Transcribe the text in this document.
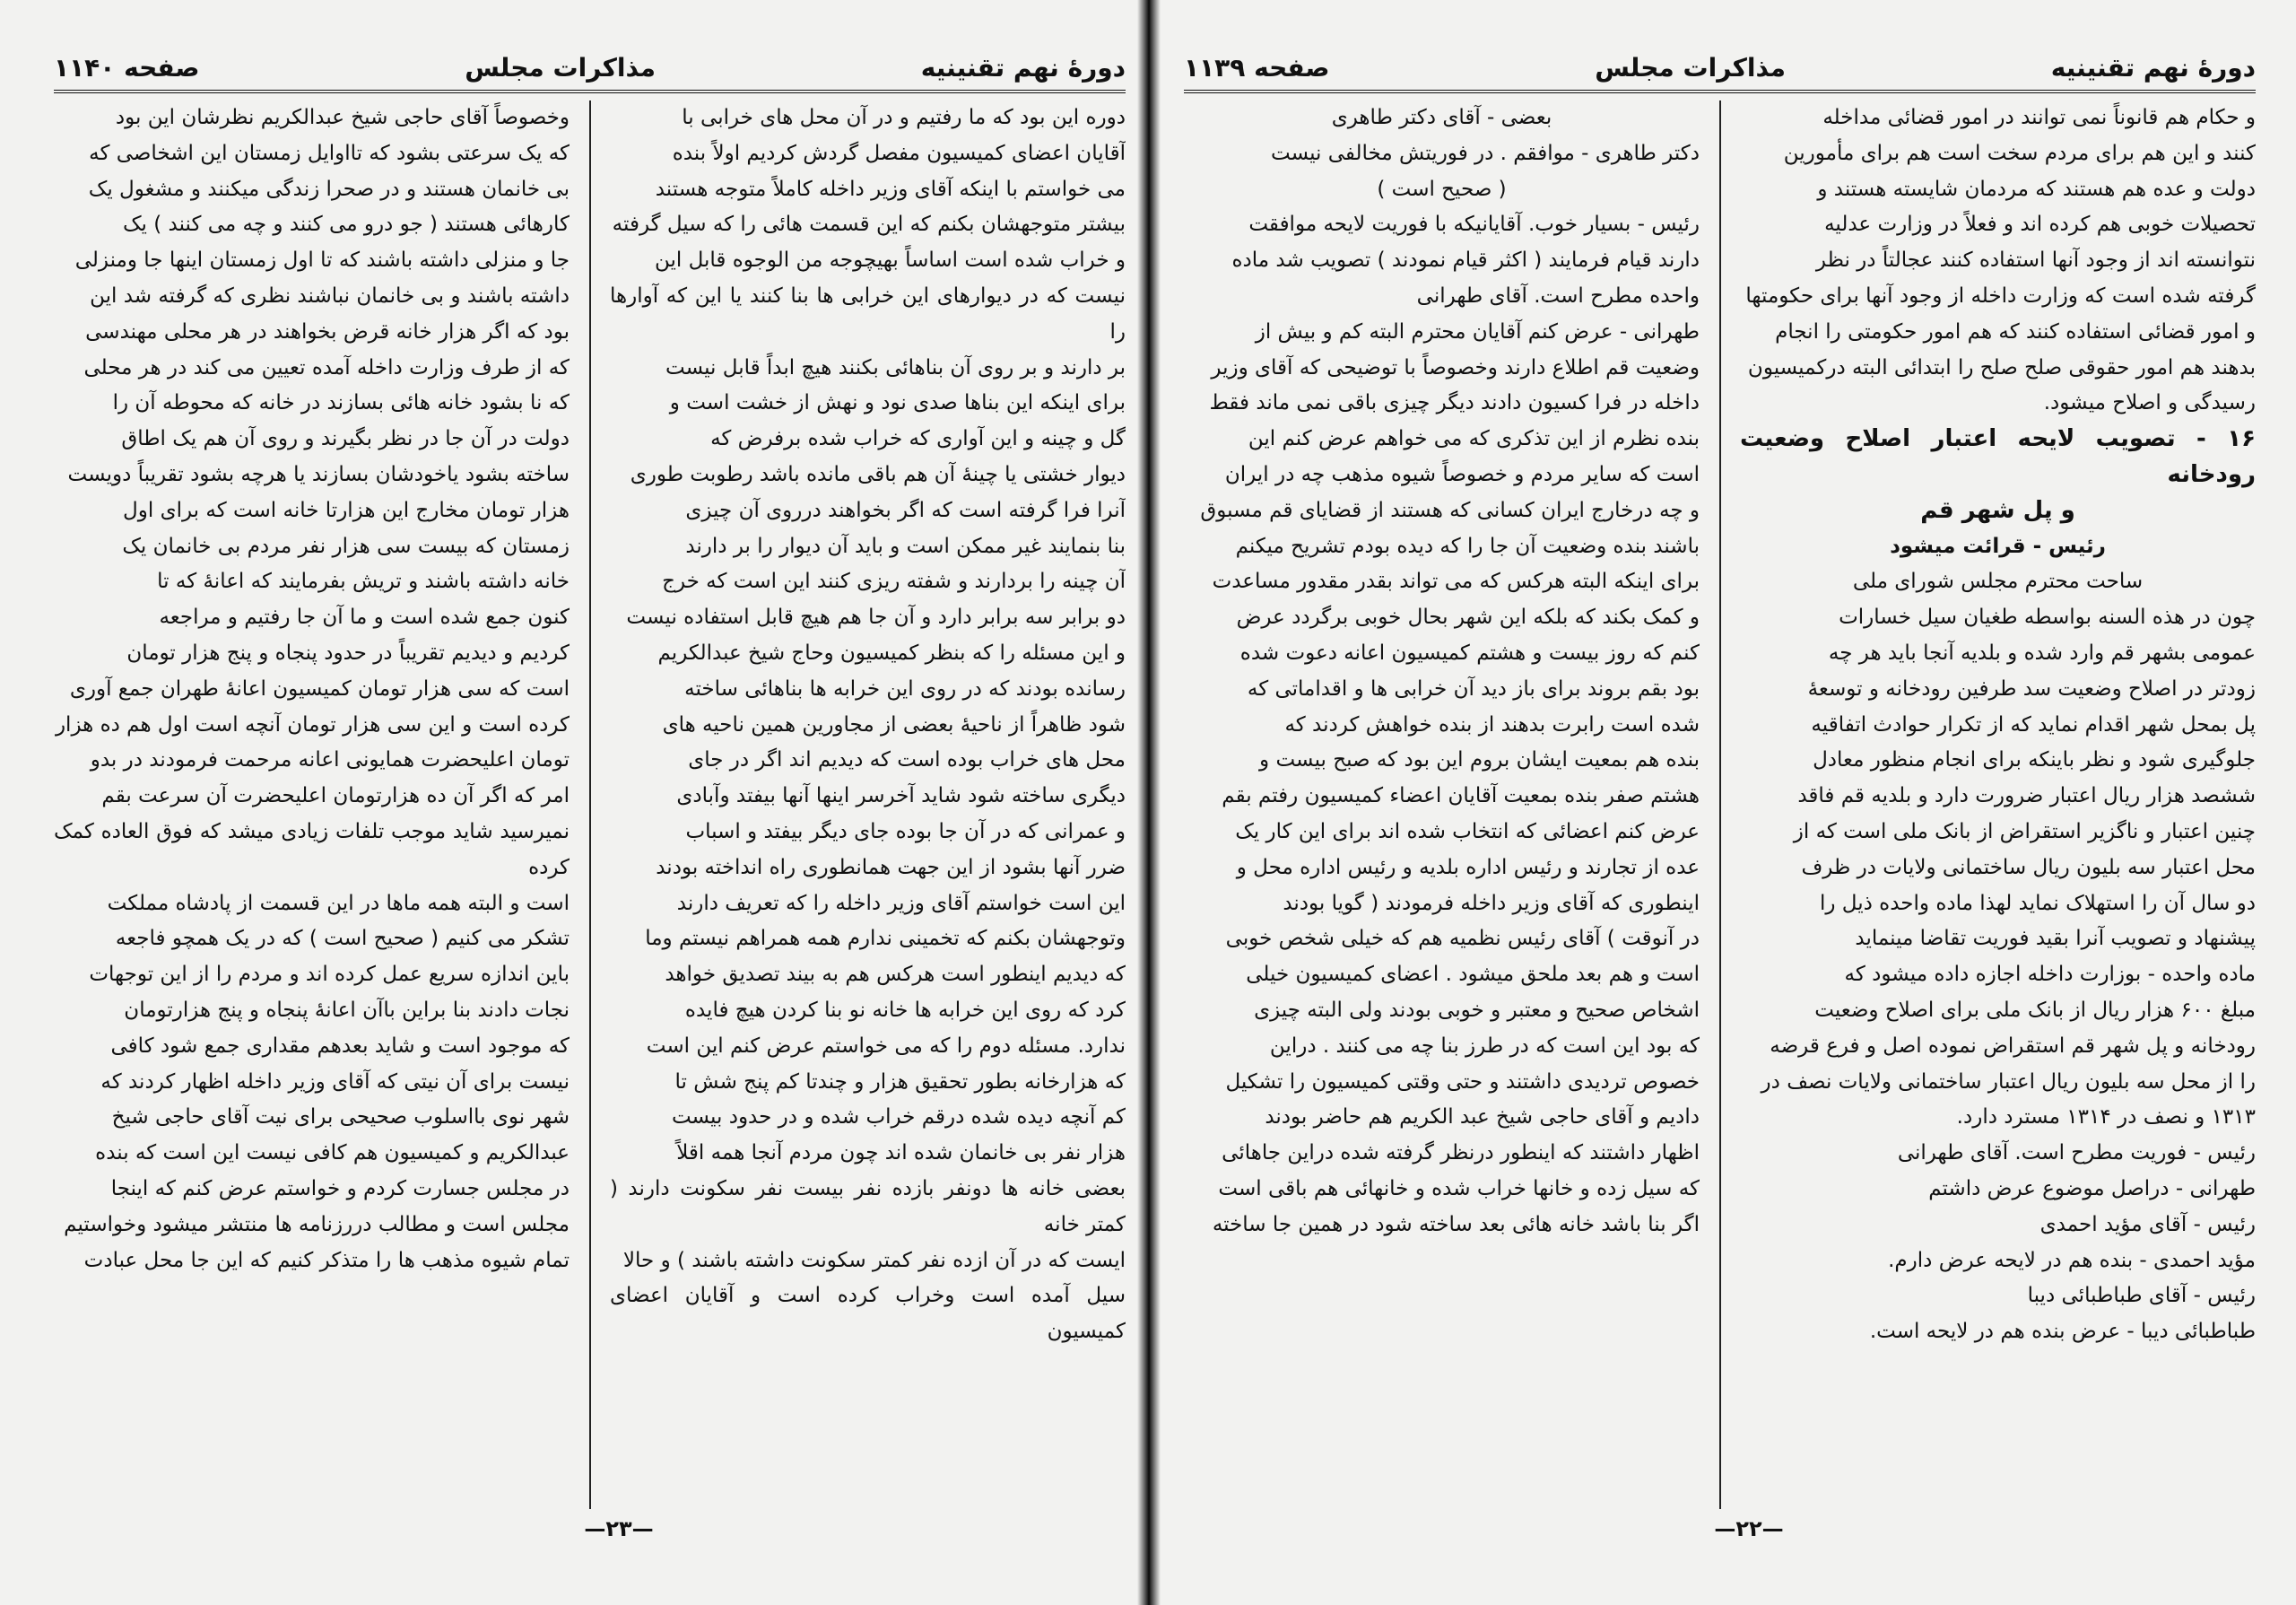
دورهٔ نهم تقنینیه
مذاکرات مجلس
صفحه ۱۱۴۰

دوره این بود که ما رفتیم و در آن محل های خرابی با

آقایان اعضای کمیسیون مفصل گردش کردیم اولاً بنده

می خواستم با اینکه آقای وزیر داخله کاملاً متوجه هستند

بیشتر متوجهشان بکنم که این قسمت هائی را که سیل گرفته

و خراب شده است اساساً بهیچوجه من الوجوه قابل این

نیست که در دیوارهای این خرابی ها بنا کنند یا این که آوارها را

بر دارند و بر روی آن بناهائی بکنند هیچ ابداً قابل نیست

برای اینکه این بناها صدی نود و نهش از خشت است و

گل و چینه و این آواری که خراب شده برفرض که

دیوار خشتی یا چینهٔ آن هم باقی مانده باشد رطوبت طوری

آنرا فرا گرفته است که اگر بخواهند درروی آن چیزی

بنا بنمایند غیر ممکن است و باید آن دیوار را بر دارند

آن چینه را بردارند و شفته ریزی کنند این است که خرج

دو برابر سه برابر دارد و آن جا هم هیچ قابل استفاده نیست

و این مسئله را که بنظر کمیسیون وحاج شیخ عبدالکریم

رسانده بودند که در روی این خرابه ها بناهائی ساخته

شود ظاهراً از ناحیهٔ بعضی از مجاورین همین ناحیه های

محل های خراب بوده است که دیدیم اند اگر در جای

دیگری ساخته شود شاید آخرسر اینها آنها بیفتد وآبادی

و عمرانی که در آن جا بوده جای دیگر بیفتد و اسباب

ضرر آنها بشود از این جهت همانطوری راه انداخته بودند

این است خواستم آقای وزیر داخله را که تعریف دارند

وتوجهشان بکنم که تخمینی ندارم همه همراهم نیستم وما

که دیدیم اینطور است هرکس هم به بیند تصدیق خواهد

کرد که روی این خرابه ها خانه نو بنا کردن هیچ فایده

ندارد. مسئله دوم را که می خواستم عرض کنم این است

که هزارخانه بطور تحقیق هزار و چندتا کم پنج شش تا

کم آنچه دیده شده درقم خراب شده و در حدود بیست

هزار نفر بی خانمان شده اند چون مردم آنجا همه اقلاً

بعضی خانه ها دونفر بازده نفر بیست نفر سکونت دارند ( کمتر خانه

ایست که در آن ازده نفر کمتر سکونت داشته باشند ) و حالا

سیل آمده است وخراب کرده است و آقایان اعضای کمیسیون

وخصوصاً آقای حاجی شیخ عبدالکریم نظرشان این بود

که یک سرعتی بشود که تااوایل زمستان این اشخاصی که

بی خانمان هستند و در صحرا زندگی میکنند و مشغول یک

کارهائی هستند ( جو درو می کنند و چه می کنند ) یک

جا و منزلی داشته باشند که تا اول زمستان اینها جا ومنزلی

داشته باشند و بی خانمان نباشند نظری که گرفته شد این

بود که اگر هزار خانه قرض بخواهند در هر محلی مهندسی

که از طرف وزارت داخله آمده تعیین می کند در هر محلی

که نا بشود خانه هائی بسازند در خانه که محوطه آن را

دولت در آن جا در نظر بگیرند و روی آن هم یک اطاق

ساخته بشود یاخودشان بسازند یا هرچه بشود تقریباً دویست

هزار تومان مخارج این هزارتا خانه است که برای اول

زمستان که بیست سی هزار نفر مردم بی خانمان یک

خانه داشته باشند و تریش بفرمایند که اعانهٔ که تا

کنون جمع شده است و ما آن جا رفتیم و مراجعه

کردیم و دیدیم تقریباً در حدود پنجاه و پنج هزار تومان

است که سی هزار تومان کمیسیون اعانهٔ طهران جمع آوری

کرده است و این سی هزار تومان آنچه است اول هم ده هزار

تومان اعلیحضرت همایونی اعانه مرحمت فرمودند در بدو

امر که اگر آن ده هزارتومان اعلیحضرت آن سرعت بقم

نمیرسید شاید موجب تلفات زیادی میشد که فوق العاده کمک کرده

است و البته همه ماها در این قسمت از پادشاه مملکت

تشکر می کنیم ( صحیح است ) که در یک همچو فاجعه

باین اندازه سریع عمل کرده اند و مردم را از این توجهات

نجات دادند بنا براین باآن اعانهٔ پنجاه و پنج هزارتومان

که موجود است و شاید بعدهم مقداری جمع شود کافی

نیست برای آن نیتی که آقای وزیر داخله اظهار کردند که

شهر نوی بااسلوب صحیحی برای نیت آقای حاجی شیخ

عبدالکریم و کمیسیون هم کافی نیست این است که بنده

در مجلس جسارت کردم و خواستم عرض کنم که اینجا

مجلس است و مطالب دررزنامه ها منتشر میشود وخواستیم

تمام شیوه مذهب ها را متذکر کنیم که این جا محل عبادت

—۲۳—
دورهٔ نهم تقنینیه
مذاکرات مجلس
صفحه ۱۱۳۹

و حکام هم قانوناً نمی توانند در امور قضائی مداخله

کنند و این هم برای مردم سخت است هم برای مأمورین

دولت و عده هم هستند که مردمان شایسته هستند و

تحصیلات خوبی هم کرده اند و فعلاً در وزارت عدلیه

نتوانسته اند از وجود آنها استفاده کنند عجالتاً در نظر

گرفته شده است که وزارت داخله از وجود آنها برای حکومتها

و امور قضائی استفاده کنند که هم امور حکومتی را انجام

بدهند هم امور حقوقی صلح صلح را ابتدائی البته درکمیسیون

رسیدگی و اصلاح میشود.

۱۶ - تصویب لایحه اعتبار اصلاح وضعیت رودخانه

و پل شهر قم

رئیس - قرائت میشود

ساحت محترم مجلس شورای ملی

چون در هذه السنه بواسطه طغیان سیل خسارات

عمومی بشهر قم وارد شده و بلدیه آنجا باید هر چه

زودتر در اصلاح وضعیت سد طرفین رودخانه و توسعهٔ

پل بمحل شهر اقدام نماید که از تکرار حوادث اتفاقیه

جلوگیری شود و نظر باینکه برای انجام منظور معادل

ششصد هزار ریال اعتبار ضرورت دارد و بلدیه قم فاقد

چنین اعتبار و ناگزیر استقراض از بانک ملی است که از

محل اعتبار سه بلیون ریال ساختمانی ولایات در ظرف

دو سال آن را استهلاک نماید لهذا ماده واحده ذیل را

پیشنهاد و تصویب آنرا بقید فوریت تقاضا مینماید

ماده واحده - بوزارت داخله اجازه داده میشود که

مبلغ ۶۰۰ هزار ریال از بانک ملی برای اصلاح وضعیت

رودخانه و پل شهر قم استقراض نموده اصل و فرع قرضه

را از محل سه بلیون ریال اعتبار ساختمانی ولایات نصف در

۱۳۱۳ و نصف در ۱۳۱۴ مسترد دارد.

رئیس - فوریت مطرح است. آقای طهرانی

طهرانی - دراصل موضوع عرض داشتم

رئیس - آقای مؤید احمدی

مؤید احمدی - بنده هم در لایحه عرض دارم.

رئیس - آقای طباطبائی دیبا

طباطبائی دیبا - عرض بنده هم در لایحه است.

بعضی - آقای دکتر طاهری

دکتر طاهری - موافقم . در فوریتش مخالفی نیست

( صحیح است )

رئیس - بسیار خوب. آقایانیکه با فوریت لایحه موافقت

دارند قیام فرمایند ( اکثر قیام نمودند ) تصویب شد ماده

واحده مطرح است. آقای طهرانی

طهرانی - عرض کنم آقایان محترم البته کم و بیش از

وضعیت قم اطلاع دارند وخصوصاً با توضیحی که آقای وزیر

داخله در فرا کسیون دادند دیگر چیزی باقی نمی ماند فقط

بنده نظرم از این تذکری که می خواهم عرض کنم این

است که سایر مردم و خصوصاً شیوه مذهب چه در ایران

و چه درخارج ایران کسانی که هستند از قضایای قم مسبوق

باشند بنده وضعیت آن جا را که دیده بودم تشریح میکنم

برای اینکه البته هرکس که می تواند بقدر مقدور مساعدت

و کمک بکند که بلکه این شهر بحال خوبی برگردد عرض

کنم که روز بیست و هشتم کمیسیون اعانه دعوت شده

بود بقم بروند برای باز دید آن خرابی ها و اقداماتی که

شده است رابرت بدهند از بنده خواهش کردند که

بنده هم بمعیت ایشان بروم این بود که صبح بیست و

هشتم صفر بنده بمعیت آقایان اعضاء کمیسیون رفتم بقم

عرض کنم اعضائی که انتخاب شده اند برای این کار یک

عده از تجارند و رئیس اداره بلدیه و رئیس اداره محل و

اینطوری که آقای وزیر داخله فرمودند ( گویا بودند

در آنوقت ) آقای رئیس نظمیه هم که خیلی شخص خوبی

است و هم بعد ملحق میشود . اعضای کمیسیون خیلی

اشخاص صحیح و معتبر و خوبی بودند ولی البته چیزی

که بود این است که در طرز بنا چه می کنند . دراین

خصوص تردیدی داشتند و حتی وقتی کمیسیون را تشکیل

دادیم و آقای حاجی شیخ عبد الکریم هم حاضر بودند

اظهار داشتند که اینطور درنظر گرفته شده دراین جاهائی

که سیل زده و خانها خراب شده و خانهائی هم باقی است

اگر بنا باشد خانه هائی بعد ساخته شود در همین جا ساخته

—۲۲—
